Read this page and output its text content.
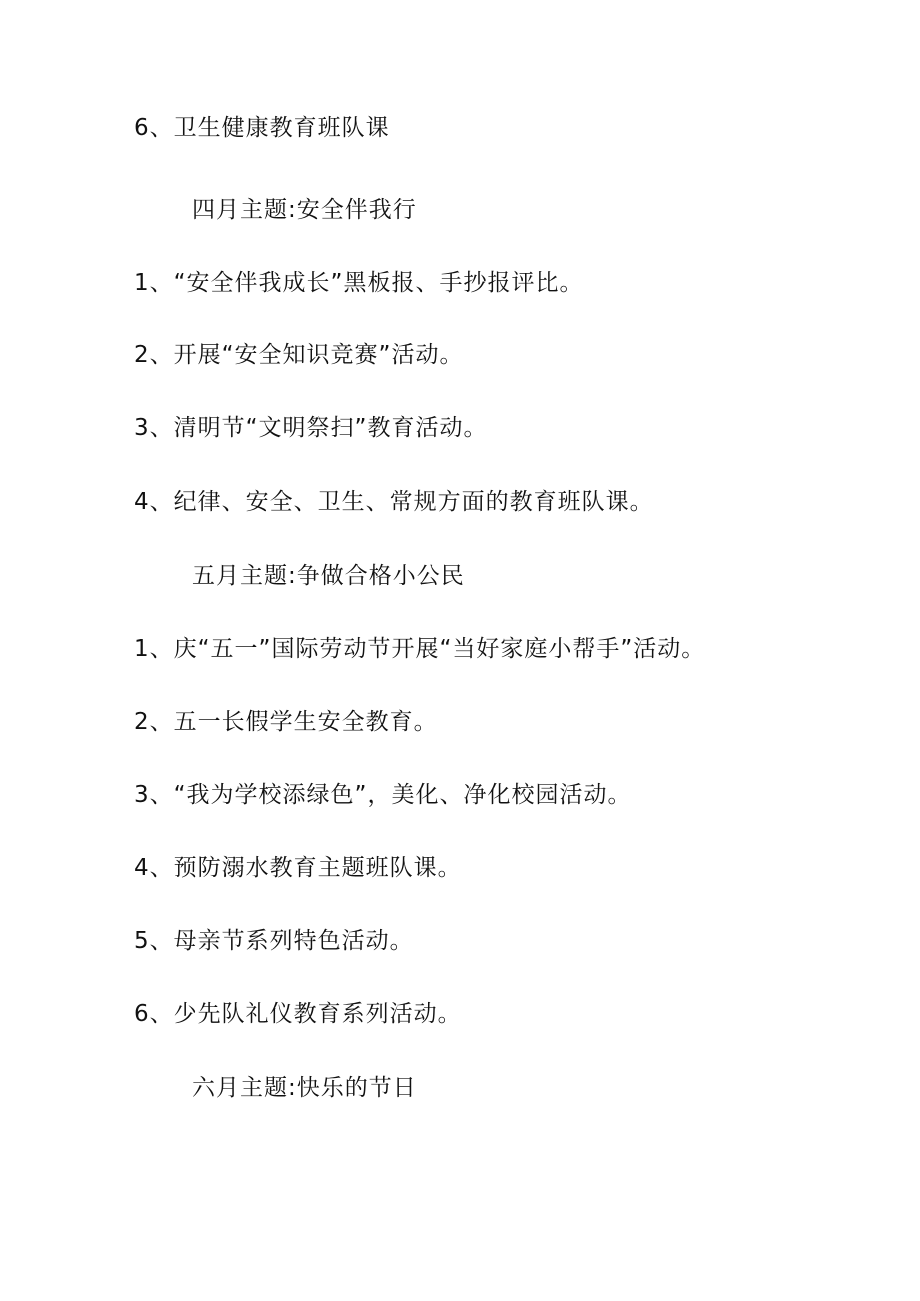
6、卫生健康教育班队课
四月主题:安全伴我行
1、“安全伴我成长”黑板报、手抄报评比。
2、开展“安全知识竞赛”活动。
3、清明节“文明祭扫”教育活动。
4、纪律、安全、卫生、常规方面的教育班队课。
五月主题:争做合格小公民
1、庆“五一”国际劳动节开展“当好家庭小帮手”活动。
2、五一长假学生安全教育。
3、“我为学校添绿色”，美化、净化校园活动。
4、预防溺水教育主题班队课。
5、母亲节系列特色活动。
6、少先队礼仪教育系列活动。
六月主题:快乐的节日
